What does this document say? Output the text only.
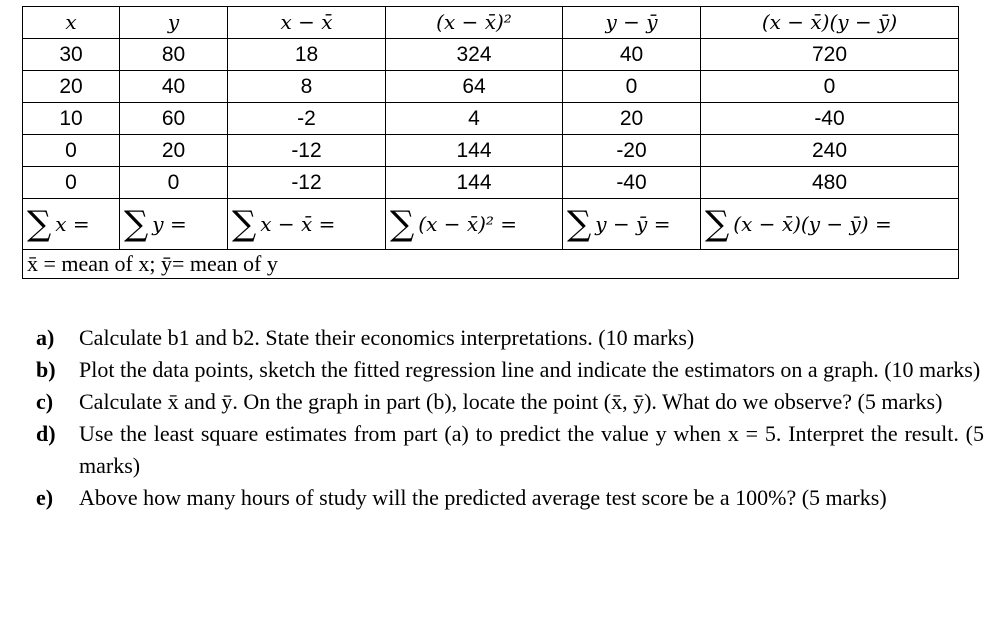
x	y	x − x̄	(x − x̄)²	y − ȳ	(x − x̄)(y − ȳ)
30	80	18	324	40	720
20	40	8	64	0	0
10	60	-2	4	20	-40
0	20	-12	144	-20	240
0	0	-12	144	-40	480
∑ x =	∑ y =	∑ x − x̄ =	∑ (x − x̄)² =	∑ y − ȳ =	∑ (x − x̄)(y − ȳ) =
x̄ = mean of x; ȳ= mean of y					
a) Calculate b1 and b2. State their economics interpretations. (10 marks)
b) Plot the data points, sketch the fitted regression line and indicate the estimators on a graph. (10 marks)
c) Calculate x̄ and ȳ. On the graph in part (b), locate the point (x̄, ȳ). What do we observe? (5 marks)
d) Use the least square estimates from part (a) to predict the value y when x = 5. Interpret the result. (5 marks)
e) Above how many hours of study will the predicted average test score be a 100%? (5 marks)
